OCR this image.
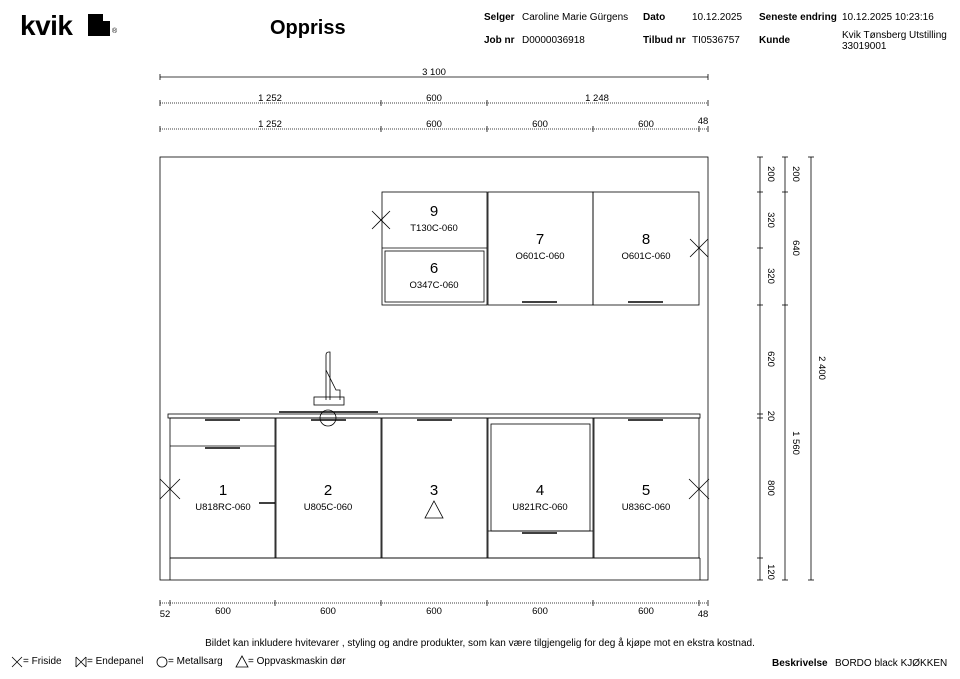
kvik	®	Oppriss	Selger Caroline Marie Gürgens Dato	10.12.2025 Seneste endring 10.12.2025 10:23:16
Job nr D0000036918	Tilbud nr TI0536757 Kunde	Kvik Tønsberg Utstilling
33019001
3 100
1 252	600	1 248
1 252	600	600	600	48
52	600	600	600	600	600	48
200
320
320
620
20
800
120
200
640
1 560
2 400
9
T130C-060
6
O347C-060
7
O601C-060
8
O601C-060
1
U818RC-060
2
U805C-060
3	4
U821RC-060
5
U836C-060
Bildet kan inkludere hvitevarer , styling og andre produkter, som kan være tilgjengelig for deg å kjøpe mot en ekstra kostnad.
= Friside	= Endepanel = Metallsarg	= Oppvaskmaskin dør	Beskrivelse BORDO black KJØKKEN
